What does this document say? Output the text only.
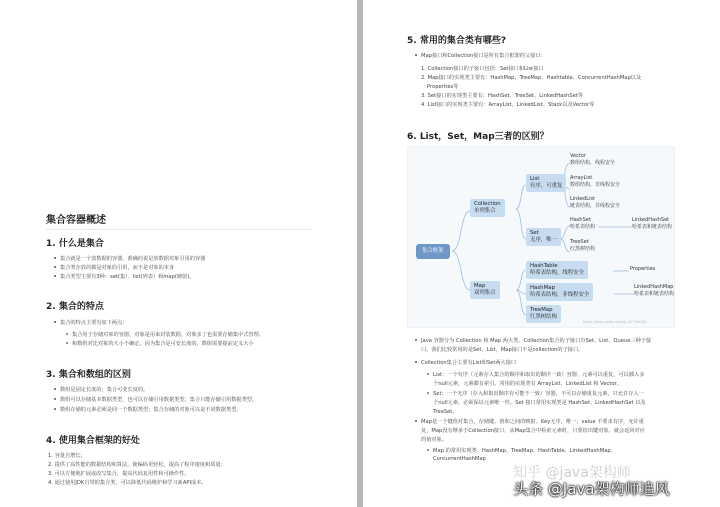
集合容器概述
1. 什么是集合
集合就是一个放数据的容器，准确的说是放数据对象引用的容器
集合类存放的都是对象的引用，而不是对象的本身
集合类型主要有3种：set(集）、list(列表）和map(映射)。
2. 集合的特点
集合的特点主要有如下两点：
集合用于存储对象的容器，对象是用来封装数据，对象多了也需要存储集中式管理。
和数组对比对象的大小不确定。因为集合是可变长度的。数组需要提前定义大小
3. 集合和数组的区别
数组是固定长度的；集合可变长度的。
数组可以存储基本数据类型，也可以存储引用数据类型；集合只能存储引用数据类型。
数组存储的元素必须是同一个数据类型；集合存储的对象可以是不同数据类型。
4. 使用集合框架的好处
1. 容量自增长；
2. 提供了高性能的数据结构和算法，使编码更轻松，提高了程序速度和质量；
3. 可以方便地扩展或改写集合，提高代码复用性和可操作性。
4. 通过使用JDK自带的集合类，可以降低代码维护和学习新API成本。
5. 常用的集合类有哪些?
Map接口和Collection接口是所有集合框架的父接口：
1. Collection接口的子接口包括：Set接口和List接口
2. Map接口的实现类主要有：HashMap、TreeMap、Hashtable、ConcurrentHashMap以及
Properties等
3. Set接口的实现类主要有：HashSet、TreeSet、LinkedHashSet等
4. List接口的实现类主要有：ArrayList、LinkedList、Stack以及Vector等
6. List，Set，Map三者的区别？
集合框架
Collection
单列集合
Map
双列集合
List
有序，可重复
Set
无序，唯一
Vector
数组结构，线程安全
ArrayList
数组结构，非线程安全
LinkedList
链表结构，非线程安全
HashSet
哈希表结构
LinkedHashSet
哈希表和链表结构
TreeSet
红黑树结构
HashTable
哈希表结构，线程安全
Properties
HashMap
哈希表结构，非线程安全
LinkedHashMap
哈希表和链表结构
TreeMap
红黑树结构
https://blog.csdn.net/qq_41700030
Java 容器分为 Collection 和 Map 两大类，Collection集合的子接口有Set、List、Queue三种子接
口。我们比较常用的是Set、List，Map接口不是collection的子接口。
Collection集合主要有List和Set两大接口
List：一个有序（元素存入集合的顺序和取出的顺序一致）容器，元素可以重复，可以插入多
个null元素，元素都有索引。常用的实现类有 ArrayList、LinkedList 和 Vector。
Set：一个无序（存入和取出顺序有可能不一致）容器，不可以存储重复元素，只允许存入一
个null元素，必须保证元素唯一性。Set 接口常用实现类是 HashSet、LinkedHashSet 以及
TreeSet。
Map是一个键值对集合，存储键、值和之间的映射。Key无序，唯一；value 不要求有序，允许重
复。Map没有继承于Collection接口，从Map集合中检索元素时，只要给出键对象，就会返回对应
的值对象。
Map 的常用实现类：HashMap、TreeMap、HashTable、LinkedHashMap、
ConcurrentHashMap
知乎 @java架构师
头条 @Java架构师追风
